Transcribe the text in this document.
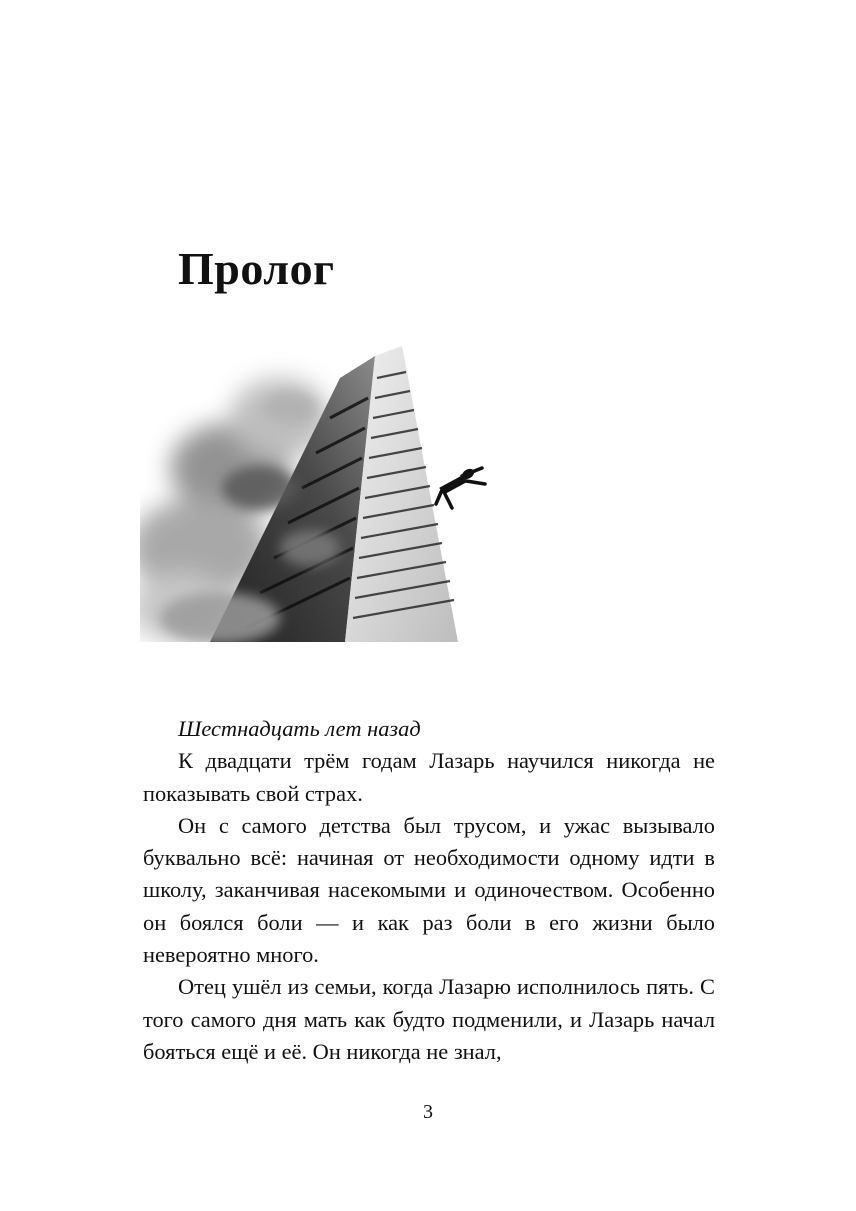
Пролог

Шестнадцать лет назад

К двадцати трём годам Лазарь научился никогда не показывать свой страх.

Он с самого детства был трусом, и ужас вызывало буквально всё: начиная от необходимости одному идти в школу, заканчивая насекомыми и одиночеством. Особенно он боялся боли — и как раз боли в его жизни было невероятно много.

Отец ушёл из семьи, когда Лазарю исполнилось пять. С того самого дня мать как будто подменили, и Лазарь начал бояться ещё и её. Он никогда не знал,

3
